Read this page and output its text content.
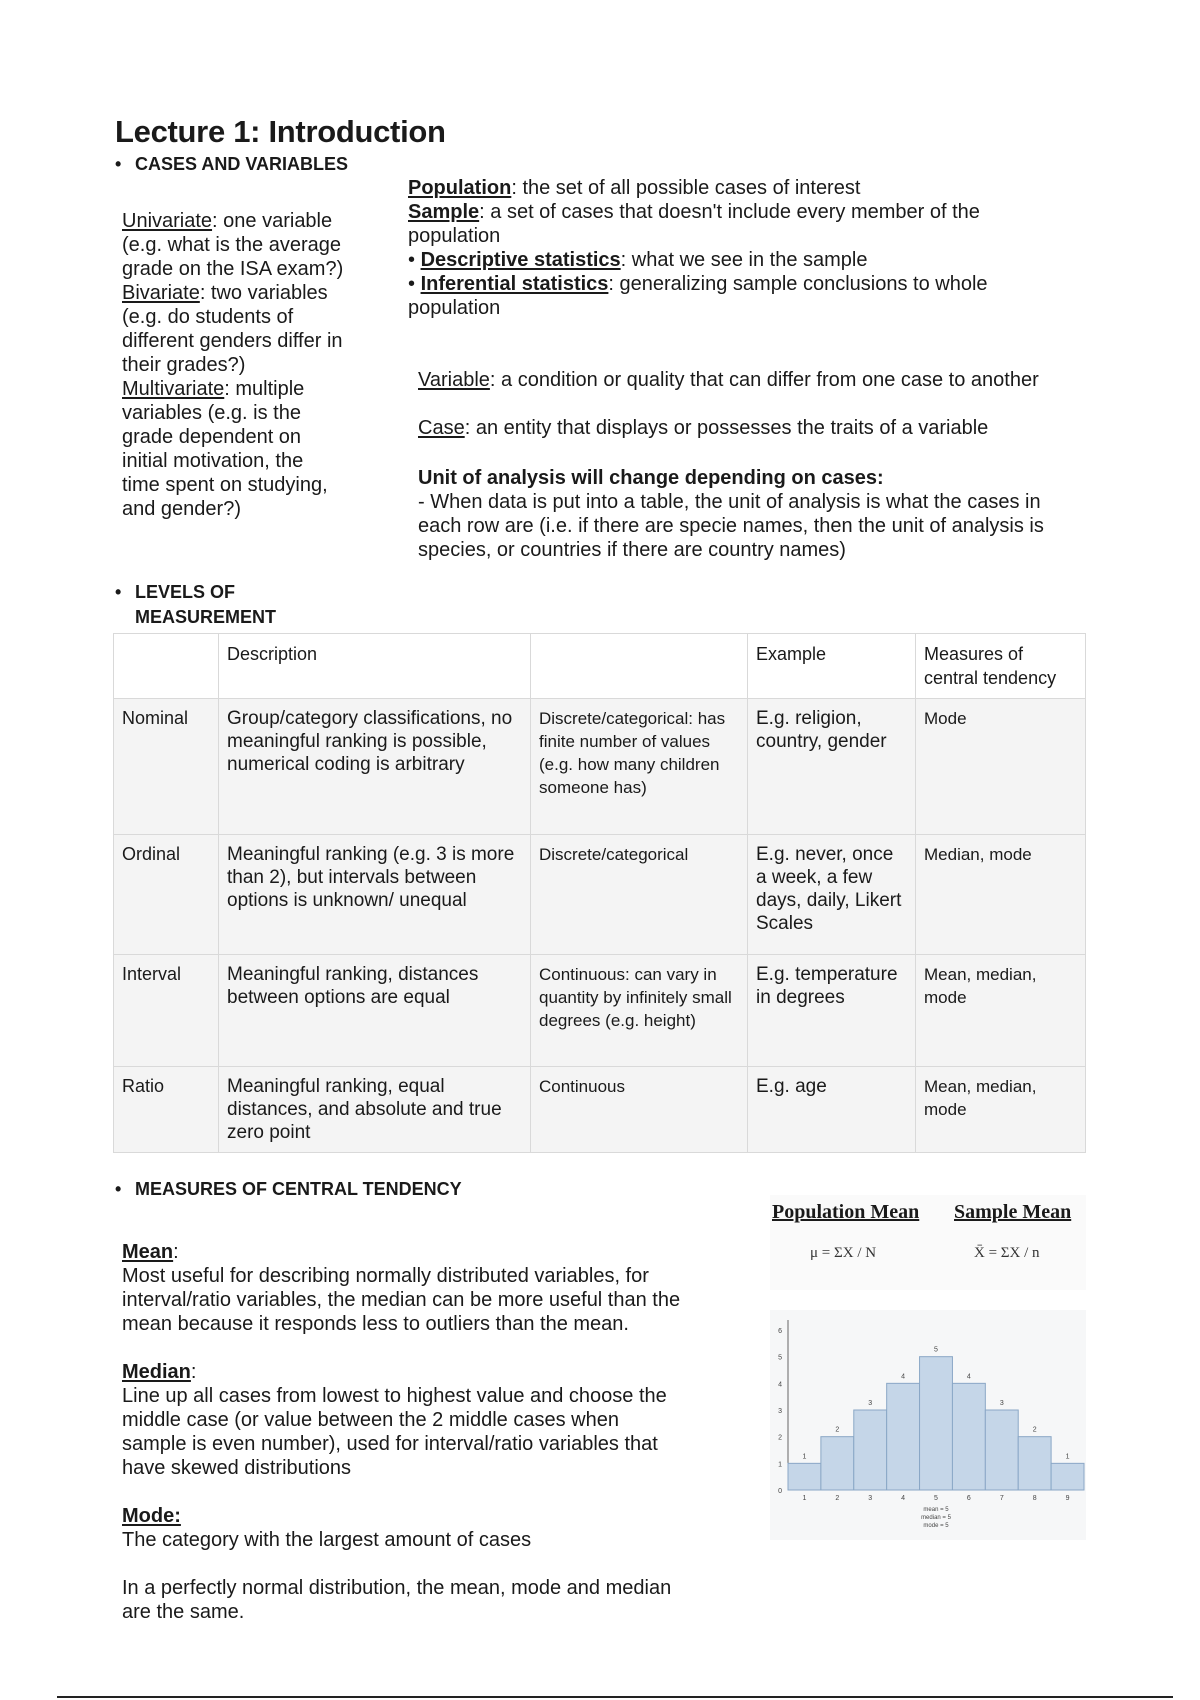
Lecture 1: Introduction
• CASES AND VARIABLES
Univariate: one variable
(e.g. what is the average
grade on the ISA exam?)
Bivariate: two variables
(e.g. do students of
different genders differ in
their grades?)
Multivariate: multiple
variables (e.g. is the
grade dependent on
initial motivation, the
time spent on studying,
and gender?)
Population: the set of all possible cases of interest
Sample: a set of cases that doesn't include every member of the
population
• Descriptive statistics: what we see in the sample
• Inferential statistics: generalizing sample conclusions to whole
population
Variable: a condition or quality that can differ from one case to another
Case: an entity that displays or possesses the traits of a variable
Unit of analysis will change depending on cases:
- When data is put into a table, the unit of analysis is what the cases in
each row are (i.e. if there are specie names, then the unit of analysis is
species, or countries if there are country names)
• LEVELS OF
MEASUREMENT
	Description		Example	Measures of central tendency
Nominal	Group/category classifications, no meaningful ranking is possible, numerical coding is arbitrary	Discrete/categorical: has finite number of values (e.g. how many children someone has)	E.g. religion, country, gender	Mode
Ordinal	Meaningful ranking (e.g. 3 is more than 2), but intervals between options is unknown/ unequal	Discrete/categorical	E.g. never, once a week, a few days, daily, Likert Scales	Median, mode
Interval	Meaningful ranking, distances between options are equal	Continuous: can vary in quantity by infinitely small degrees (e.g. height)	E.g. temperature in degrees	Mean, median, mode
Ratio	Meaningful ranking, equal distances, and absolute and true zero point	Continuous	E.g. age	Mean, median, mode
• MEASURES OF CENTRAL TENDENCY
Mean:
Most useful for describing normally distributed variables, for
interval/ratio variables, the median can be more useful than the
mean because it responds less to outliers than the mean.
Median:
Line up all cases from lowest to highest value and choose the
middle case (or value between the 2 middle cases when
sample is even number), used for interval/ratio variables that
have skewed distributions
Mode:
The category with the largest amount of cases
In a perfectly normal distribution, the mean, mode and median
are the same.
Population Mean Sample Mean
μ = ΣX / N	X̄ = ΣX / n
0
1
2
3
4
5
6
1
1
2
2
3
3
4
4
5
5
4
6
3
7
2
8
1
9
mean = 5
median = 5
mode = 5
